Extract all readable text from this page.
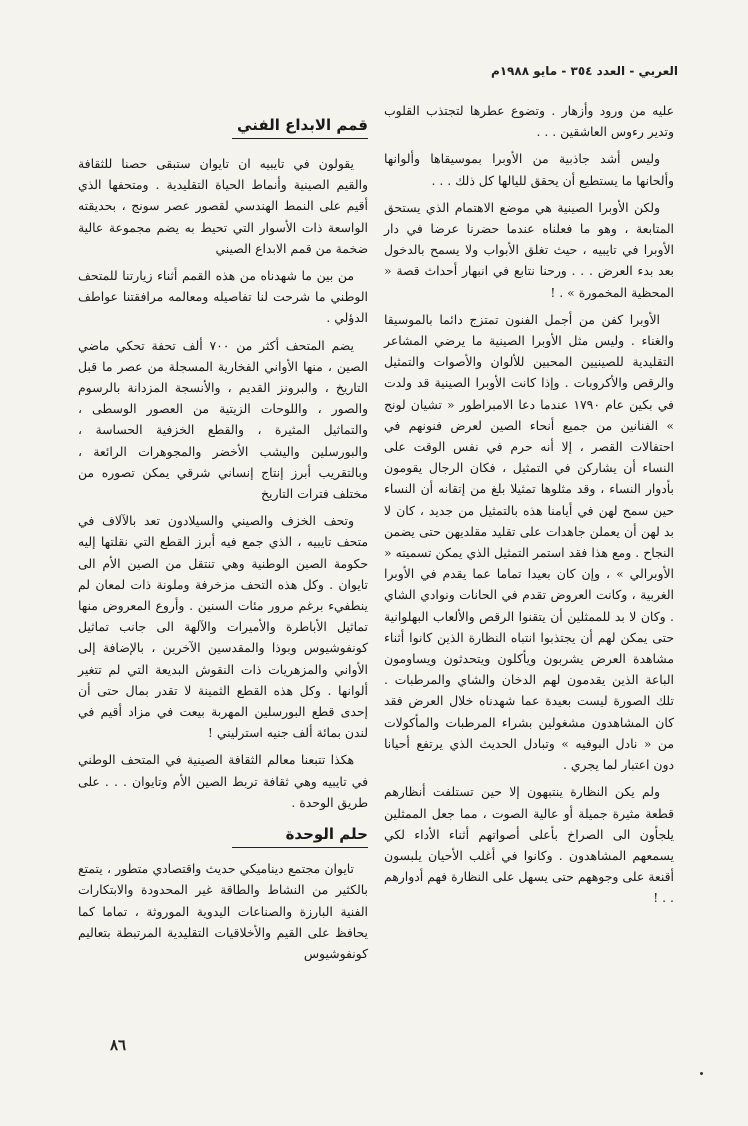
العربي - العدد ٣٥٤ - مايو ١٩٨٨م

عليه من ورود وأزهار . وتضوع عطرها لتجتذب القلوب وتدير رءوس العاشقين . . .

وليس أشد جاذبية من الأوبرا بموسيقاها وألوانها وألحانها ما يستطيع أن يحقق لليالها كل ذلك . . .

ولكن الأوبرا الصينية هي موضع الاهتمام الذي يستحق المتابعة ، وهو ما فعلناه عندما حضرنا عرضا في دار الأوبرا في تايبيه ، حيث تغلق الأبواب ولا يسمح بالدخول بعد بدء العرض . . . ورحنا نتابع في انبهار أحداث قصة « المحظية المخمورة » . !

الأوبرا كفن من أجمل الفنون تمتزج دائما بالموسيقا والغناء . وليس مثل الأوبرا الصينية ما يرضي المشاعر التقليدية للصينيين المحبين للألوان والأصوات والتمثيل والرقص والأكروبات . وإذا كانت الأوبرا الصينية قد ولدت في بكين عام ١٧٩٠ عندما دعا الامبراطور « تشيان لونج » الفنانين من جميع أنحاء الصين لعرض فنونهم في احتفالات القصر ، إلا أنه حرم في نفس الوقت على النساء أن يشاركن في التمثيل ، فكان الرجال يقومون بأدوار النساء ، وقد مثلوها تمثيلا بلغ من إتقانه أن النساء حين سمح لهن في أيامنا هذه بالتمثيل من جديد ، كان لا بد لهن أن يعملن جاهدات على تقليد مقلديهن حتى يضمن النجاح . ومع هذا فقد استمر التمثيل الذي يمكن تسميته « الأوبرالي » ، وإن كان بعيدا تماما عما يقدم في الأوبرا الغربية ، وكانت العروض تقدم في الحانات ونوادي الشاي . وكان لا بد للممثلين أن يتقنوا الرقص والألعاب البهلوانية حتى يمكن لهم أن يجتذبوا انتباه النظارة الذين كانوا أثناء مشاهدة العرض يشربون ويأكلون ويتحدثون ويساومون الباعة الذين يقدمون لهم الدخان والشاي والمرطبات . تلك الصورة ليست بعيدة عما شهدناه خلال العرض فقد كان المشاهدون مشغولين بشراء المرطبات والمأكولات من « نادل البوفيه » وتبادل الحديث الذي يرتفع أحيانا دون اعتبار لما يجري .

ولم يكن النظارة ينتبهون إلا حين تستلفت أنظارهم قطعة مثيرة جميلة أو عالية الصوت ، مما جعل الممثلين يلجأون الى الصراخ بأعلى أصواتهم أثناء الأداء لكي يسمعهم المشاهدون . وكانوا في أغلب الأحيان يلبسون أقنعة على وجوههم حتى يسهل على النظارة فهم أدوارهم . . !

قمم الابداع الفني

يقولون في تايبيه ان تايوان ستبقى حصنا للثقافة والقيم الصينية وأنماط الحياة التقليدية . ومتحفها الذي أقيم على النمط الهندسي لقصور عصر سونج ، بحديقته الواسعة ذات الأسوار التي تحيط به يضم مجموعة عالية ضخمة من قمم الابداع الصيني

من بين ما شهدناه من هذه القمم أثناء زيارتنا للمتحف الوطني ما شرحت لنا تفاصيله ومعالمه مرافقتنا عواطف الدؤلي .

يضم المتحف أكثر من ٧٠٠ ألف تحفة تحكي ماضي الصين ، منها الأواني الفخارية المسجلة من عصر ما قبل التاريخ ، والبرونز القديم ، والأنسجة المزدانة بالرسوم والصور ، واللوحات الزيتية من العصور الوسطى ، والتماثيل المثيرة ، والقطع الخزفية الحساسة ، والبورسلين واليشب الأخضر والمجوهرات الرائعة ، وبالتقريب أبرز إنتاج إنساني شرقي يمكن تصوره من مختلف فترات التاريخ

وتحف الخزف والصيني والسيلادون تعد بالآلاف في متحف تايبيه ، الذي جمع فيه أبرز القطع التي نقلتها إليه حكومة الصين الوطنية وهي تنتقل من الصين الأم الى تايوان . وكل هذه التحف مزخرفة وملونة ذات لمعان لم ينطفيء برغم مرور مئات السنين . وأروع المعروض منها تماثيل الأباطرة والأميرات والآلهة الى جانب تماثيل كونفوشيوس وبوذا والمقدسين الآخرين ، بالإضافة إلى الأواني والمزهريات ذات النقوش البديعة التي لم تتغير ألوانها . وكل هذه القطع الثمينة لا تقدر بمال حتى أن إحدى قطع البورسلين المهربة بيعت في مزاد أقيم في لندن بمائة ألف جنيه استرليني !

هكذا تتبعنا معالم الثقافة الصينية في المتحف الوطني في تايبيه وهي ثقافة تربط الصين الأم وتايوان . . . على طريق الوحدة .

حلم الوحدة

تايوان مجتمع ديناميكي حديث واقتصادي متطور ، يتمتع بالكثير من النشاط والطاقة غير المحدودة والابتكارات الفنية البارزة والصناعات اليدوية الموروثة ، تماما كما يحافظ على القيم والأخلاقيات التقليدية المرتبطة بتعاليم كونفوشيوس

٨٦
